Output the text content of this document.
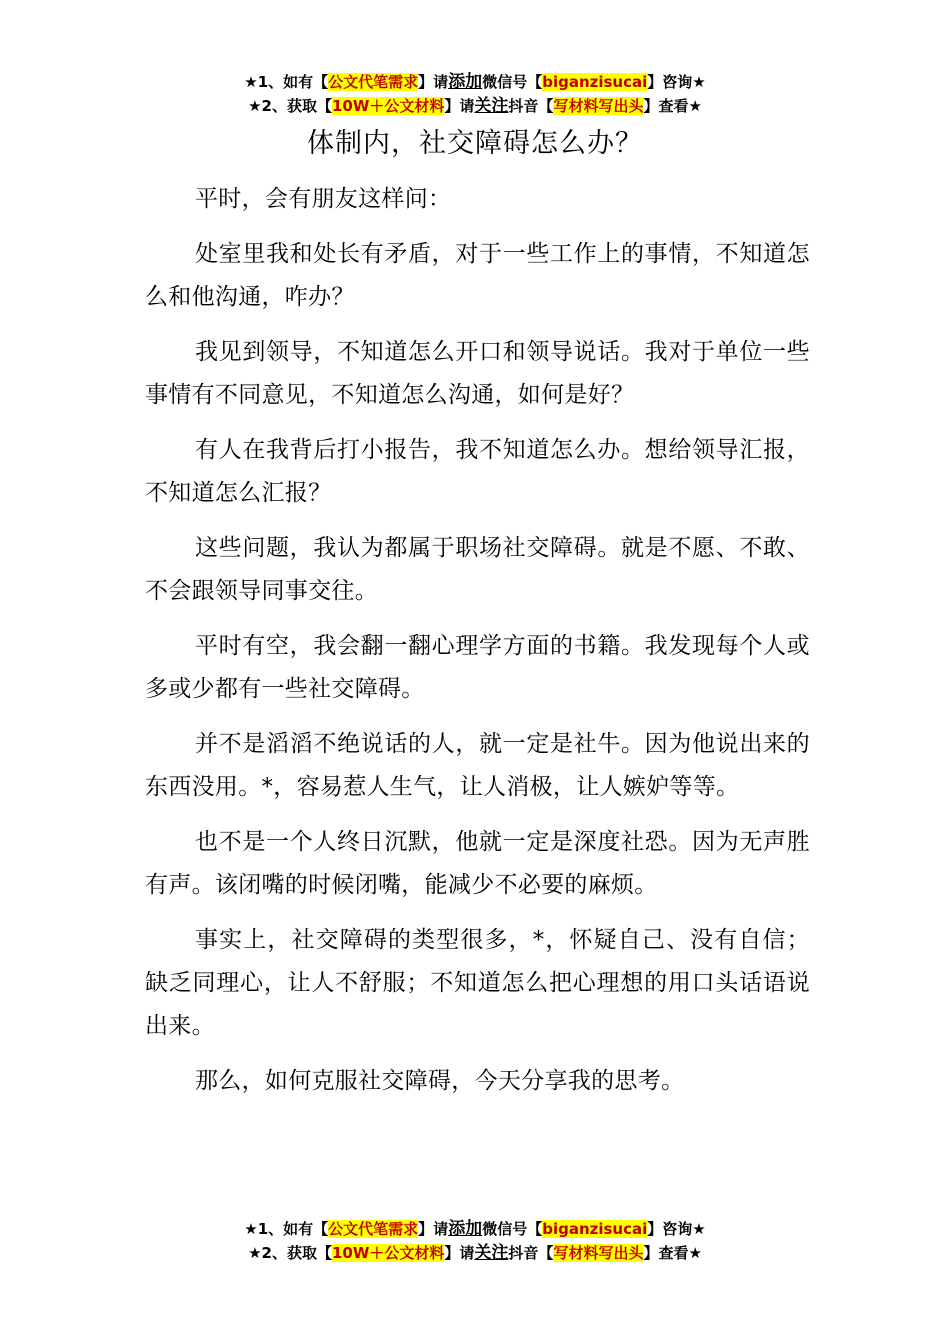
★1、如有【公文代笔需求】请添加微信号【biganzisucai】咨询★
★2、获取【10W＋公文材料】请关注抖音【写材料写出头】查看★
体制内，社交障碍怎么办？

平时，会有朋友这样问：

处室里我和处长有矛盾，对于一些工作上的事情，不知道怎么和他沟通，咋办？

我见到领导，不知道怎么开口和领导说话。我对于单位一些事情有不同意见，不知道怎么沟通，如何是好？

有人在我背后打小报告，我不知道怎么办。想给领导汇报，不知道怎么汇报？

这些问题，我认为都属于职场社交障碍。就是不愿、不敢、不会跟领导同事交往。

平时有空，我会翻一翻心理学方面的书籍。我发现每个人或多或少都有一些社交障碍。

并不是滔滔不绝说话的人，就一定是社牛。因为他说出来的东西没用。*，容易惹人生气，让人消极，让人嫉妒等等。

也不是一个人终日沉默，他就一定是深度社恐。因为无声胜有声。该闭嘴的时候闭嘴，能减少不必要的麻烦。

事实上，社交障碍的类型很多，*，怀疑自己、没有自信；缺乏同理心，让人不舒服；不知道怎么把心理想的用口头话语说出来。

那么，如何克服社交障碍，今天分享我的思考。

★1、如有【公文代笔需求】请添加微信号【biganzisucai】咨询★
★2、获取【10W＋公文材料】请关注抖音【写材料写出头】查看★
